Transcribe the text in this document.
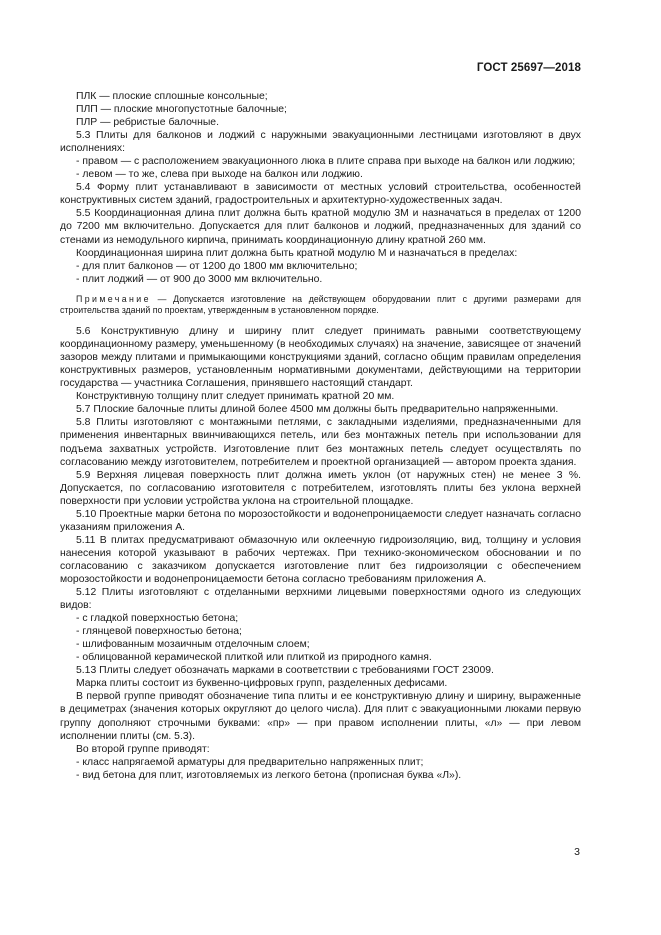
ГОСТ 25697—2018

ПЛК — плоские сплошные консольные;

ПЛП — плоские многопустотные балочные;

ПЛР — ребристые балочные.

5.3 Плиты для балконов и лоджий с наружными эвакуационными лестницами изготовляют в двух исполнениях:

- правом — с расположением эвакуационного люка в плите справа при выходе на балкон или лоджию;

- левом — то же, слева при выходе на балкон или лоджию.

5.4 Форму плит устанавливают в зависимости от местных условий строительства, особенностей конструктивных систем зданий, градостроительных и архитектурно-художественных задач.

5.5 Координационная длина плит должна быть кратной модулю 3М и назначаться в пределах от 1200 до 7200 мм включительно. Допускается для плит балконов и лоджий, предназначенных для зданий со стенами из немодульного кирпича, принимать координационную длину кратной 260 мм.

Координационная ширина плит должна быть кратной модулю М и назначаться в пределах:

- для плит балконов — от 1200 до 1800 мм включительно;

- плит лоджий — от 900 до 3000 мм включительно.

Примечание — Допускается изготовление на действующем оборудовании плит с другими размерами для строительства зданий по проектам, утвержденным в установленном порядке.

5.6 Конструктивную длину и ширину плит следует принимать равными соответствующему координационному размеру, уменьшенному (в необходимых случаях) на значение, зависящее от значений зазоров между плитами и примыкающими конструкциями зданий, согласно общим правилам определения конструктивных размеров, установленным нормативными документами, действующими на территории государства — участника Соглашения, принявшего настоящий стандарт.

Конструктивную толщину плит следует принимать кратной 20 мм.

5.7 Плоские балочные плиты длиной более 4500 мм должны быть предварительно напряженными.

5.8 Плиты изготовляют с монтажными петлями, с закладными изделиями, предназначенными для применения инвентарных ввинчивающихся петель, или без монтажных петель при использовании для подъема захватных устройств. Изготовление плит без монтажных петель следует осуществлять по согласованию между изготовителем, потребителем и проектной организацией — автором проекта здания.

5.9 Верхняя лицевая поверхность плит должна иметь уклон (от наружных стен) не менее 3 %. Допускается, по согласованию изготовителя с потребителем, изготовлять плиты без уклона верхней поверхности при условии устройства уклона на строительной площадке.

5.10 Проектные марки бетона по морозостойкости и водонепроницаемости следует назначать согласно указаниям приложения А.

5.11 В плитах предусматривают обмазочную или оклеечную гидроизоляцию, вид, толщину и условия нанесения которой указывают в рабочих чертежах. При технико-экономическом обосновании и по согласованию с заказчиком допускается изготовление плит без гидроизоляции с обеспечением морозостойкости и водонепроницаемости бетона согласно требованиям приложения А.

5.12 Плиты изготовляют с отделанными верхними лицевыми поверхностями одного из следующих видов:

- с гладкой поверхностью бетона;

- глянцевой поверхностью бетона;

- шлифованным мозаичным отделочным слоем;

- облицованной керамической плиткой или плиткой из природного камня.

5.13 Плиты следует обозначать марками в соответствии с требованиями ГОСТ 23009.

Марка плиты состоит из буквенно-цифровых групп, разделенных дефисами.

В первой группе приводят обозначение типа плиты и ее конструктивную длину и ширину, выраженные в дециметрах (значения которых округляют до целого числа). Для плит с эвакуационными люками первую группу дополняют строчными буквами: «пр» — при правом исполнении плиты, «л» — при левом исполнении плиты (см. 5.3).

Во второй группе приводят:

- класс напрягаемой арматуры для предварительно напряженных плит;

- вид бетона для плит, изготовляемых из легкого бетона (прописная буква «Л»).

3
